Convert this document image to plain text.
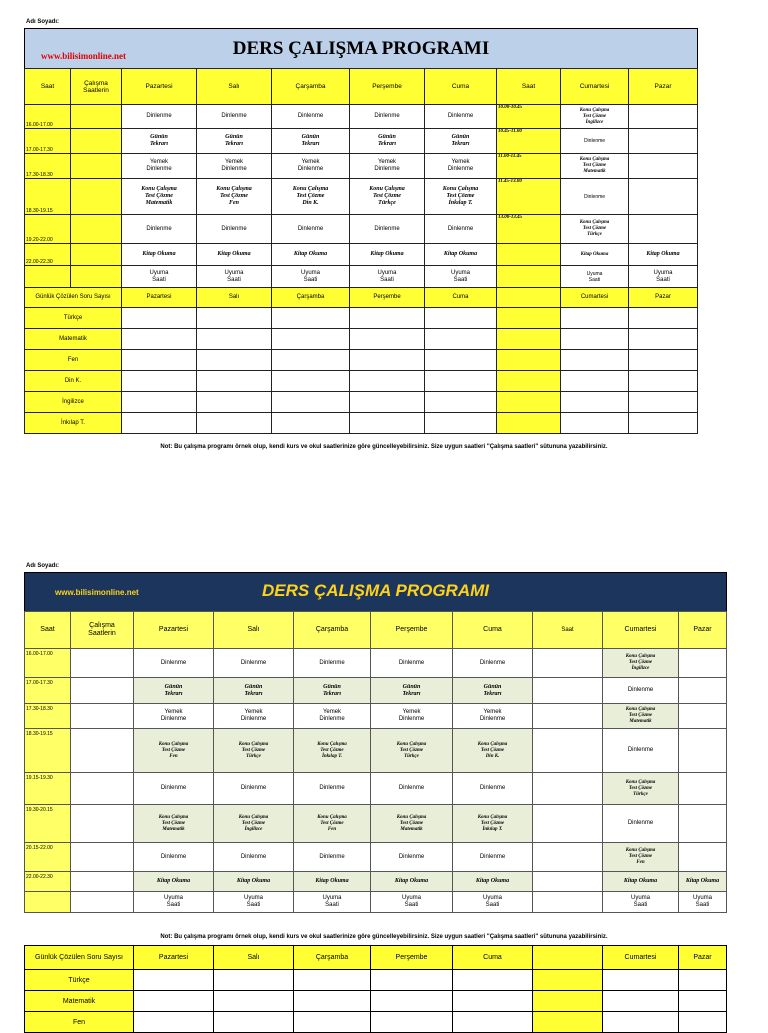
Adı Soyadı:
www.bilisimonline.net	DERS ÇALIŞMA PROGRAMI
Saat	Çalışma
Saatlerin	Pazartesi	Salı	Çarşamba	Perşembe	Cuma	Saat	Cumartesi	Pazar
16.00-17.00		Dinlenme	Dinlenme	Dinlenme	Dinlenme	Dinlenme	10.00-10.45	Konu Çalışma
Test Çözme
İngilizce	
17.00-17.30		Günün
Tekrarı	Günün
Tekrarı	Günün
Tekrarı	Günün
Tekrarı	Günün
Tekrarı	10.45-11.00	Dinlenme	
17.30-18.30		Yemek
Dinlenme	Yemek
Dinlenme	Yemek
Dinlenme	Yemek
Dinlenme	Yemek
Dinlenme	11.00-11.45	Konu Çalışma
Test Çözme
Matematik	
18.30-19.15		Konu Çalışma
Test Çözme
Matematik	Konu Çalışma
Test Çözme
Fen	Konu Çalışma
Test Çözme
Din K.	Konu Çalışma
Test Çözme
Türkçe	Konu Çalışma
Test Çözme
İnkılap T.	11.45-13.00	Dinlenme	
19.20-22.00		Dinlenme	Dinlenme	Dinlenme	Dinlenme	Dinlenme	13.00-13.45	Konu Çalışma
Test Çözme
Türkçe	
22.00-22.30		Kitap Okuma	Kitap Okuma	Kitap Okuma	Kitap Okuma	Kitap Okuma		Kitap Okuma	Kitap Okuma
		Uyuma
Saati	Uyuma
Saati	Uyuma
Saati	Uyuma
Saati	Uyuma
Saati		Uyuma
Saati	Uyuma
Saati
Günlük Çözülen Soru Sayısı		Pazartesi	Salı	Çarşamba	Perşembe	Cuma		Cumartesi	Pazar
Türkçe									
Matematik									
Fen									
Din K.									
İngilizce									
İnkılap T.									
Not: Bu çalışma programı örnek olup, kendi kurs ve okul saatlerinize göre güncelleyebilirsiniz. Size uygun saatleri "Çalışma saatleri" sütununa yazabilirsiniz.
Adı Soyadı:
www.bilisimonline.net	DERS ÇALIŞMA PROGRAMI
Saat	Çalışma
Saatlerin	Pazartesi	Salı	Çarşamba	Perşembe	Cuma	Saat	Cumartesi	Pazar
16.00-17.00		Dinlenme	Dinlenme	Dinlenme	Dinlenme	Dinlenme		Konu Çalışma
Test Çözme
İngilizce	
17.00-17.30		Günün
Tekrarı	Günün
Tekrarı	Günün
Tekrarı	Günün
Tekrarı	Günün
Tekrarı		Dinlenme	
17.30-18.30		Yemek
Dinlenme	Yemek
Dinlenme	Yemek
Dinlenme	Yemek
Dinlenme	Yemek
Dinlenme		Konu Çalışma
Test Çözme
Matematik	
18.30-19.15		Konu Çalışma
Test Çözme
Fen	Konu Çalışma
Test Çözme
Türkçe	Konu Çalışma
Test Çözme
İnkılap T.	Konu Çalışma
Test Çözme
Türkçe	Konu Çalışma
Test Çözme
Din K.		Dinlenme	
19.15-19.30		Dinlenme	Dinlenme	Dinlenme	Dinlenme	Dinlenme		Konu Çalışma
Test Çözme
Türkçe	
19.30-20.15		Konu Çalışma
Test Çözme
Matematik	Konu Çalışma
Test Çözme
İngilizce	Konu Çalışma
Test Çözme
Fen	Konu Çalışma
Test Çözme
Matematik	Konu Çalışma
Test Çözme
İnkılap T.		Dinlenme	
20.15-22.00		Dinlenme	Dinlenme	Dinlenme	Dinlenme	Dinlenme		Konu Çalışma
Test Çözme
Fen	
22.00-22.30		Kitap Okuma	Kitap Okuma	Kitap Okuma	Kitap Okuma	Kitap Okuma		Kitap Okuma	Kitap Okuma
		Uyuma
Saati	Uyuma
Saati	Uyuma
Saati	Uyuma
Saati	Uyuma
Saati		Uyuma
Saati	Uyuma
Saati
Not: Bu çalışma programı örnek olup, kendi kurs ve okul saatlerinize göre güncelleyebilirsiniz. Size uygun saatleri "Çalışma saatleri" sütununa yazabilirsiniz.
Günlük Çözülen Soru Sayısı	Pazartesi	Salı	Çarşamba	Perşembe	Cuma		Cumartesi	Pazar
Türkçe								
Matematik								
Fen								
